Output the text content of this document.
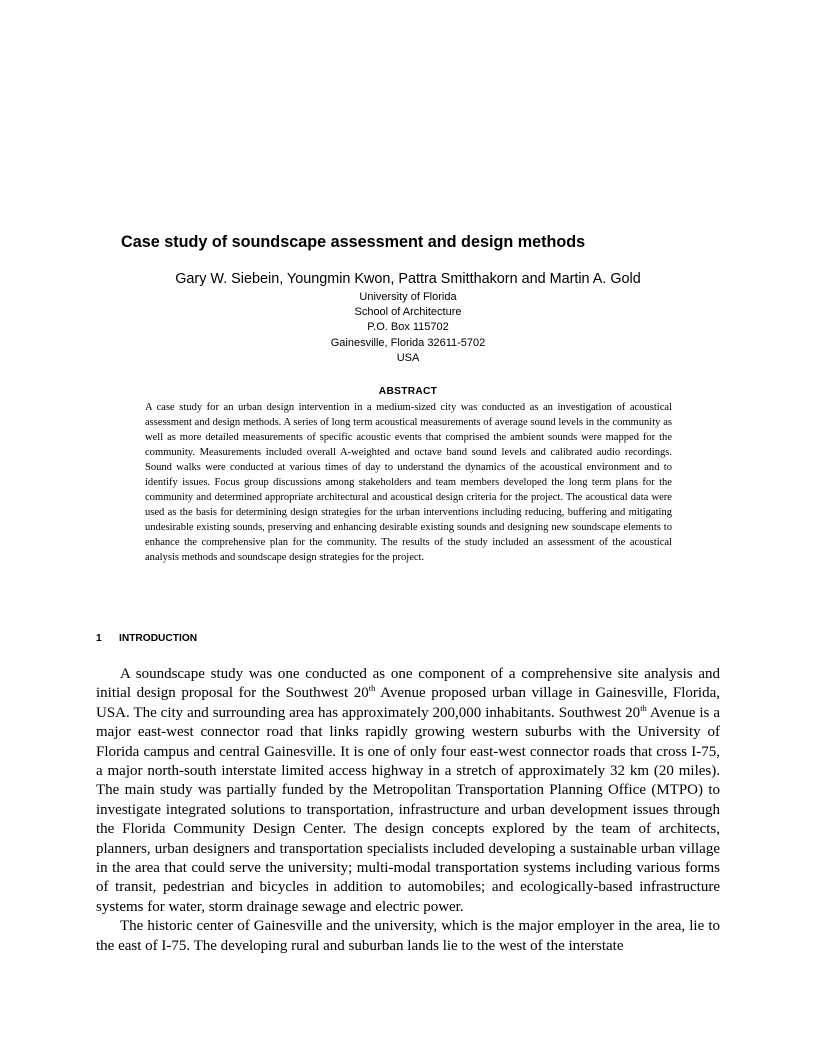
Case study of soundscape assessment and design methods
Gary W. Siebein, Youngmin Kwon, Pattra Smitthakorn and Martin A. Gold
University of Florida
School of Architecture
P.O. Box 115702
Gainesville, Florida 32611-5702
USA
ABSTRACT
A case study for an urban design intervention in a medium-sized city was conducted as an investigation of acoustical assessment and design methods. A series of long term acoustical measurements of average sound levels in the community as well as more detailed measurements of specific acoustic events that comprised the ambient sounds were mapped for the community. Measurements included overall A-weighted and octave band sound levels and calibrated audio recordings. Sound walks were conducted at various times of day to understand the dynamics of the acoustical environment and to identify issues. Focus group discussions among stakeholders and team members developed the long term plans for the community and determined appropriate architectural and acoustical design criteria for the project. The acoustical data were used as the basis for determining design strategies for the urban interventions including reducing, buffering and mitigating undesirable existing sounds, preserving and enhancing desirable existing sounds and designing new soundscape elements to enhance the comprehensive plan for the community. The results of the study included an assessment of the acoustical analysis methods and soundscape design strategies for the project.
1 INTRODUCTION

A soundscape study was one conducted as one component of a comprehensive site analysis and initial design proposal for the Southwest 20th Avenue proposed urban village in Gainesville, Florida, USA. The city and surrounding area has approximately 200,000 inhabitants. Southwest 20th Avenue is a major east-west connector road that links rapidly growing western suburbs with the University of Florida campus and central Gainesville. It is one of only four east-west connector roads that cross I-75, a major north-south interstate limited access highway in a stretch of approximately 32 km (20 miles). The main study was partially funded by the Metropolitan Transportation Planning Office (MTPO) to investigate integrated solutions to transportation, infrastructure and urban development issues through the Florida Community Design Center. The design concepts explored by the team of architects, planners, urban designers and transportation specialists included developing a sustainable urban village in the area that could serve the university; multi-modal transportation systems including various forms of transit, pedestrian and bicycles in addition to automobiles; and ecologically-based infrastructure systems for water, storm drainage sewage and electric power.

The historic center of Gainesville and the university, which is the major employer in the area, lie to the east of I-75. The developing rural and suburban lands lie to the west of the interstate
